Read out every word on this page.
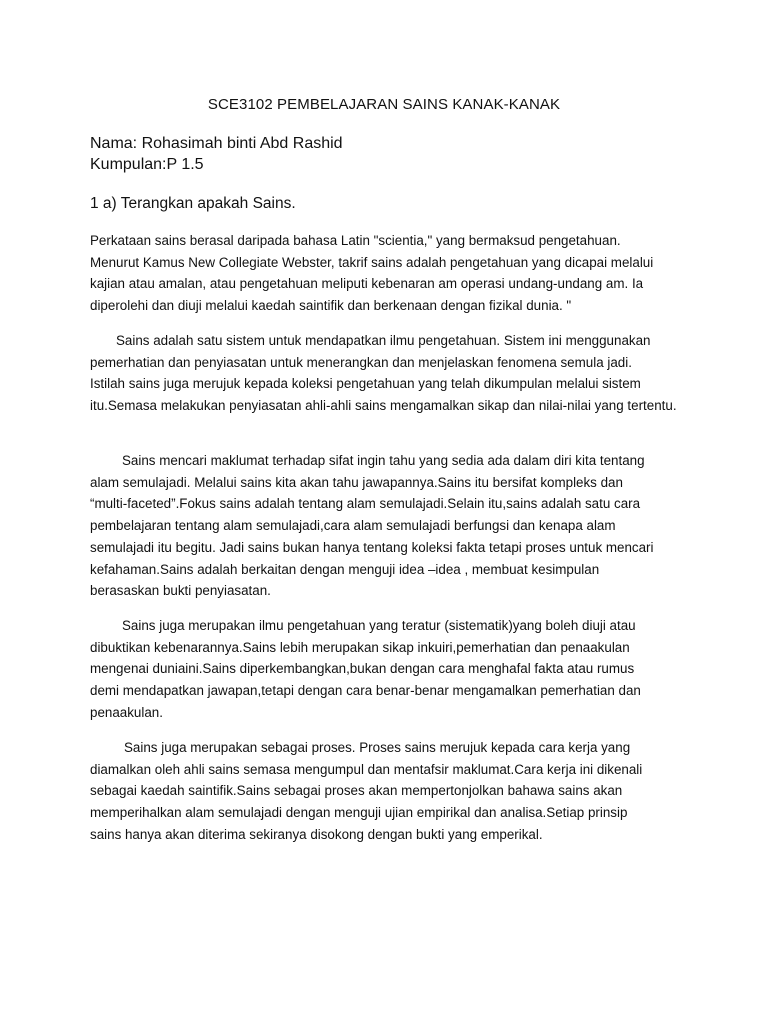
SCE3102 PEMBELAJARAN SAINS KANAK-KANAK
Nama: Rohasimah binti Abd Rashid
Kumpulan:P 1.5
1 a) Terangkan apakah Sains.
Perkataan sains berasal daripada bahasa Latin "scientia," yang bermaksud pengetahuan.
Menurut Kamus New Collegiate Webster, takrif sains adalah pengetahuan yang dicapai melalui
kajian atau amalan, atau pengetahuan meliputi kebenaran am operasi undang-undang am. Ia
diperolehi dan diuji melalui kaedah saintifik dan berkenaan dengan fizikal dunia. "
Sains adalah satu sistem untuk mendapatkan ilmu pengetahuan. Sistem ini menggunakan
pemerhatian dan penyiasatan untuk menerangkan dan menjelaskan fenomena semula jadi.
Istilah sains juga merujuk kepada koleksi pengetahuan yang telah dikumpulan melalui sistem
itu.Semasa melakukan penyiasatan ahli-ahli sains mengamalkan sikap dan nilai-nilai yang tertentu.
Sains mencari maklumat terhadap sifat ingin tahu yang sedia ada dalam diri kita tentang
alam semulajadi. Melalui sains kita akan tahu jawapannya.Sains itu bersifat kompleks dan
“multi-faceted”.Fokus sains adalah tentang alam semulajadi.Selain itu,sains adalah satu cara
pembelajaran tentang alam semulajadi,cara alam semulajadi berfungsi dan kenapa alam
semulajadi itu begitu. Jadi sains bukan hanya tentang koleksi fakta tetapi proses untuk mencari
kefahaman.Sains adalah berkaitan dengan menguji idea –idea , membuat kesimpulan
berasaskan bukti penyiasatan.
Sains juga merupakan ilmu pengetahuan yang teratur (sistematik)yang boleh diuji atau
dibuktikan kebenarannya.Sains lebih merupakan sikap inkuiri,pemerhatian dan penaakulan
mengenai duniaini.Sains diperkembangkan,bukan dengan cara menghafal fakta atau rumus
demi mendapatkan jawapan,tetapi dengan cara benar-benar mengamalkan pemerhatian dan
penaakulan.
Sains juga merupakan sebagai proses. Proses sains merujuk kepada cara kerja yang
diamalkan oleh ahli sains semasa mengumpul dan mentafsir maklumat.Cara kerja ini dikenali
sebagai kaedah saintifik.Sains sebagai proses akan mempertonjolkan bahawa sains akan
memperihalkan alam semulajadi dengan menguji ujian empirikal dan analisa.Setiap prinsip
sains hanya akan diterima sekiranya disokong dengan bukti yang emperikal.
